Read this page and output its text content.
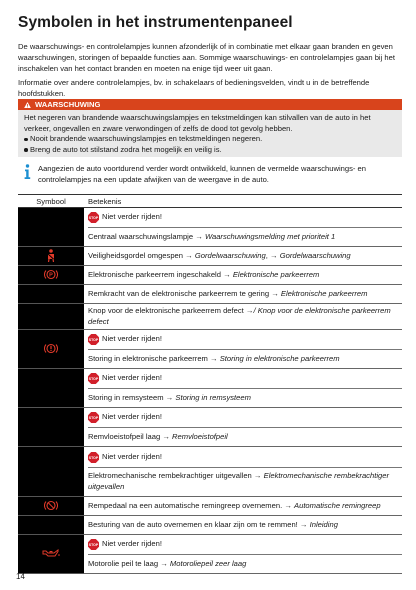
Symbolen in het instrumentenpaneel

De waarschuwings- en controlelampjes kunnen afzonderlijk of in combinatie met elkaar gaan branden en geven waarschuwingen, storingen of bepaalde functies aan. Sommige waarschuwings- en controlelampjes gaan bij het inschakelen van het contact branden en moeten na enige tijd weer uit gaan.

Informatie over andere controlelampjes, bv. in schakelaars of bedieningsvelden, vindt u in de betreffende hoofdstukken.

WAARSCHUWING
Het negeren van brandende waarschuwingslampjes en tekstmeldingen kan stilvallen van de auto in het verkeer, ongevallen en zware verwondingen of zelfs de dood tot gevolg hebben.
Nooit brandende waarschuwingslampjes en tekstmeldingen negeren.
Breng de auto tot stilstand zodra het mogelijk en veilig is.
Aangezien de auto voortdurend verder wordt ontwikkeld, kunnen de vermelde waarschuwings- en controlelampjes na een update afwijken van de weergave in de auto.
Symbool	Betekenis

STOP Niet verder rijden!
Centraal waarschuwingslampje
→
Waarschuwingsmelding met prioriteit 1

	Veiligheidsgordel omgespen → Gordelwaarschuwing, → Gordelwaarschuwing

P	Elektronische parkeerrem ingeschakeld → Elektronische parkeerrem
	Remkracht van de elektronische parkeerrem te gering → Elektronische parkeerrem
	Knop voor de elektronische parkeerrem defect →/ Knop voor de elektronische parkeerrem defect

STOP Niet verder rijden!
Storing in elektronische parkeerrem
→
Storing in elektronische parkeerrem

STOP Niet verder rijden!
Storing in remsysteem
→
Storing in remsysteem

STOP Niet verder rijden!
Remvloeistofpeil laag
→
Remvloeistofpeil

STOP Niet verder rijden!
Elektromechanische rembekrachtiger uitgevallen → Elektromechanische rembekrachtiger uitgevallen

	Rempedaal na een automatische remingreep overnemen. → Automatische remingreep
	Besturing van de auto overnemen en klaar zijn om te remmen! → Inleiding

STOP Niet verder rijden!
Motorolie peil te laag
→
Motoroliepeil zeer laag
14
